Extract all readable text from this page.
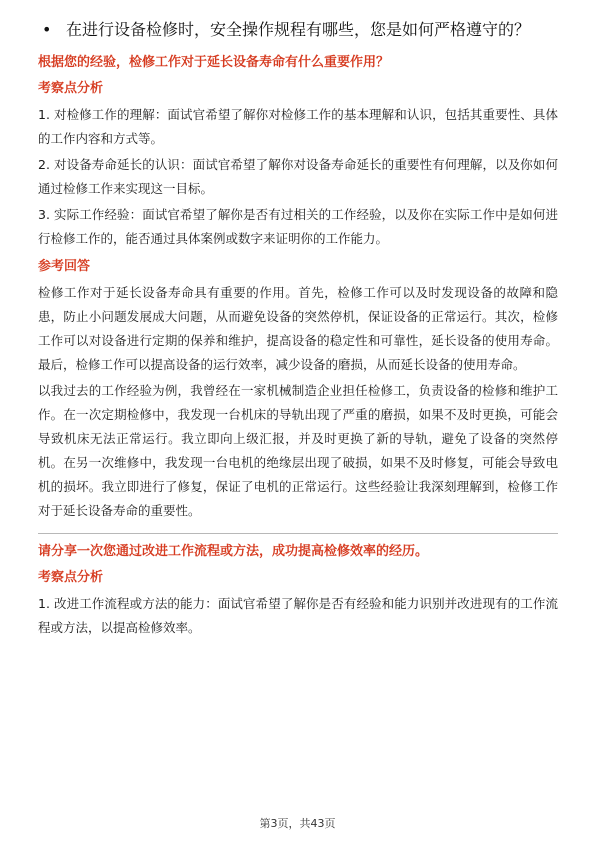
• 在进行设备检修时，安全操作规程有哪些，您是如何严格遵守的？
根据您的经验，检修工作对于延长设备寿命有什么重要作用？
考察点分析
1. 对检修工作的理解：面试官希望了解你对检修工作的基本理解和认识，包括其重要性、具体的工作内容和方式等。
2. 对设备寿命延长的认识：面试官希望了解你对设备寿命延长的重要性有何理解，以及你如何通过检修工作来实现这一目标。
3. 实际工作经验：面试官希望了解你是否有过相关的工作经验，以及你在实际工作中是如何进行检修工作的，能否通过具体案例或数字来证明你的工作能力。
参考回答
检修工作对于延长设备寿命具有重要的作用。首先，检修工作可以及时发现设备的故障和隐患，防止小问题发展成大问题，从而避免设备的突然停机，保证设备的正常运行。其次，检修工作可以对设备进行定期的保养和维护，提高设备的稳定性和可靠性，延长设备的使用寿命。最后，检修工作可以提高设备的运行效率，减少设备的磨损，从而延长设备的使用寿命。
以我过去的工作经验为例，我曾经在一家机械制造企业担任检修工，负责设备的检修和维护工作。在一次定期检修中，我发现一台机床的导轨出现了严重的磨损，如果不及时更换，可能会导致机床无法正常运行。我立即向上级汇报，并及时更换了新的导轨，避免了设备的突然停机。在另一次维修中，我发现一台电机的绝缘层出现了破损，如果不及时修复，可能会导致电机的损坏。我立即进行了修复，保证了电机的正常运行。这些经验让我深刻理解到，检修工作对于延长设备寿命的重要性。
请分享一次您通过改进工作流程或方法，成功提高检修效率的经历。
考察点分析
1. 改进工作流程或方法的能力：面试官希望了解你是否有经验和能力识别并改进现有的工作流程或方法，以提高检修效率。
第3页，共43页
